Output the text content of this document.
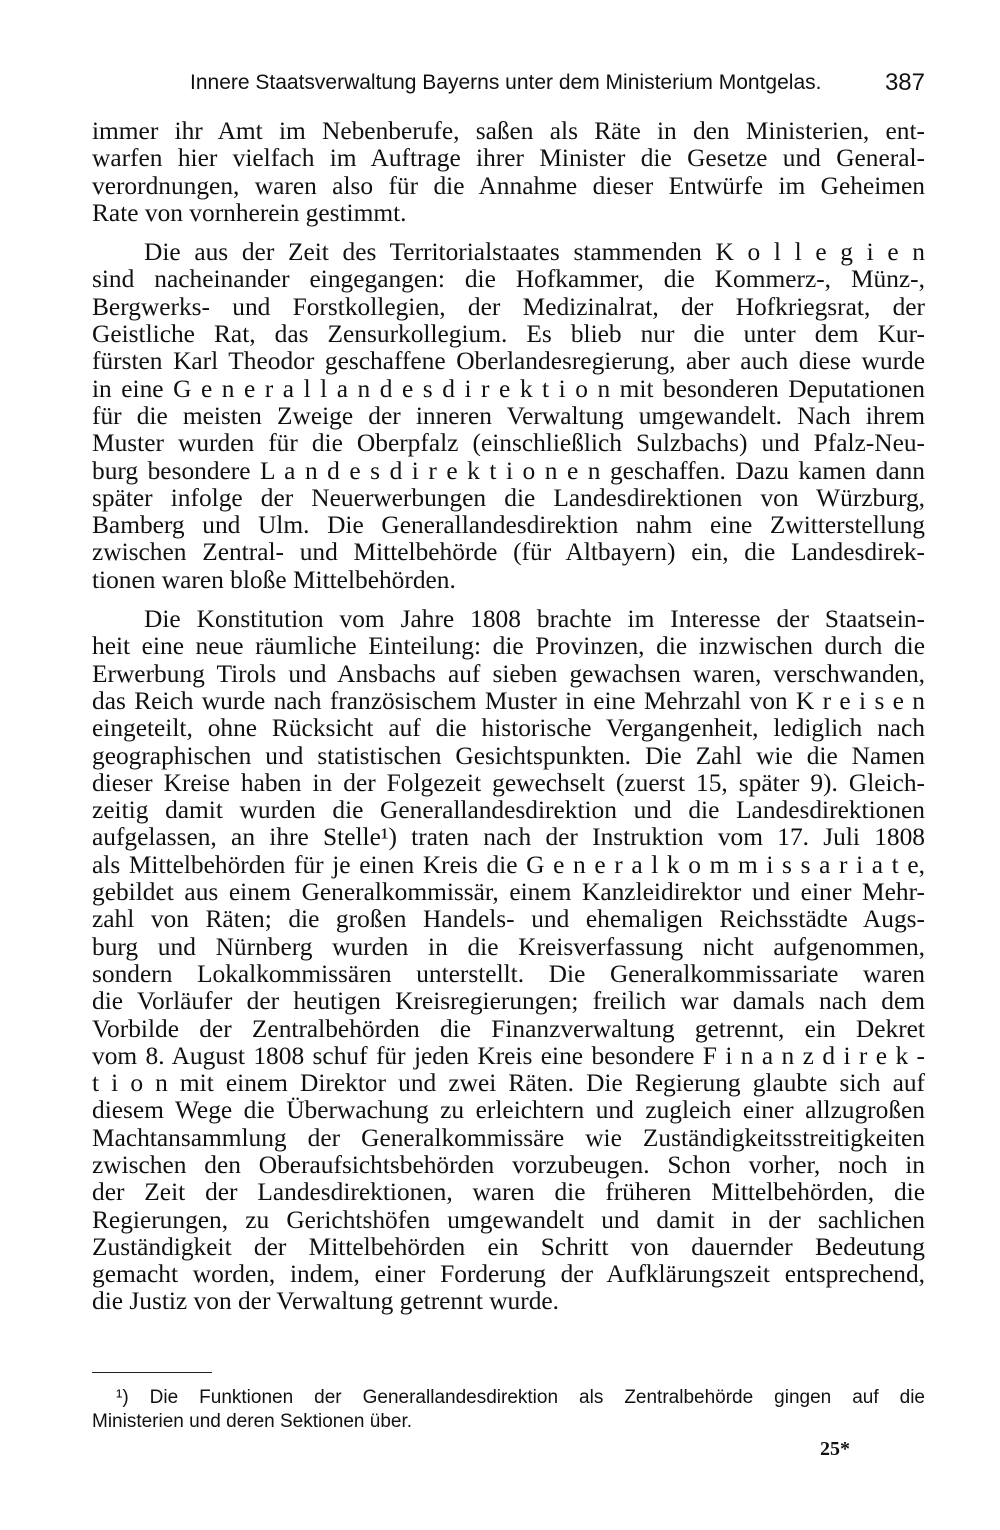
Innere Staatsverwaltung Bayerns unter dem Ministerium Montgelas.	387
immer ihr Amt im Nebenberufe, saßen als Räte in den Ministerien, ent-
warfen hier vielfach im Auftrage ihrer Minister die Gesetze und General-
verordnungen, waren also für die Annahme dieser Entwürfe im Geheimen
Rate von vornherein gestimmt.
Die aus der Zeit des Territorialstaates stammenden K o l l e g i e n
sind nacheinander eingegangen: die Hofkammer, die Kommerz-, Münz-,
Bergwerks- und Forstkollegien, der Medizinalrat, der Hofkriegsrat, der
Geistliche Rat, das Zensurkollegium. Es blieb nur die unter dem Kur-
fürsten Karl Theodor geschaffene Oberlandesregierung, aber auch diese wurde
in eine G e n e r a l l a n d e s d i r e k t i o n mit besonderen Deputationen
für die meisten Zweige der inneren Verwaltung umgewandelt. Nach ihrem
Muster wurden für die Oberpfalz (einschließlich Sulzbachs) und Pfalz-Neu-
burg besondere L a n d e s d i r e k t i o n e n geschaffen. Dazu kamen dann
später infolge der Neuerwerbungen die Landesdirektionen von Würzburg,
Bamberg und Ulm. Die Generallandesdirektion nahm eine Zwitterstellung
zwischen Zentral- und Mittelbehörde (für Altbayern) ein, die Landesdirek-
tionen waren bloße Mittelbehörden.
Die Konstitution vom Jahre 1808 brachte im Interesse der Staatsein-
heit eine neue räumliche Einteilung: die Provinzen, die inzwischen durch die
Erwerbung Tirols und Ansbachs auf sieben gewachsen waren, verschwanden,
das Reich wurde nach französischem Muster in eine Mehrzahl von K r e i s e n
eingeteilt, ohne Rücksicht auf die historische Vergangenheit, lediglich nach
geographischen und statistischen Gesichtspunkten. Die Zahl wie die Namen
dieser Kreise haben in der Folgezeit gewechselt (zuerst 15, später 9). Gleich-
zeitig damit wurden die Generallandesdirektion und die Landesdirektionen
aufgelassen, an ihre Stelle¹) traten nach der Instruktion vom 17. Juli 1808
als Mittelbehörden für je einen Kreis die G e n e r a l k o m m i s s a r i a t e,
gebildet aus einem Generalkommissär, einem Kanzleidirektor und einer Mehr-
zahl von Räten; die großen Handels- und ehemaligen Reichsstädte Augs-
burg und Nürnberg wurden in die Kreisverfassung nicht aufgenommen,
sondern Lokalkommissären unterstellt. Die Generalkommissariate waren
die Vorläufer der heutigen Kreisregierungen; freilich war damals nach dem
Vorbilde der Zentralbehörden die Finanzverwaltung getrennt, ein Dekret
vom 8. August 1808 schuf für jeden Kreis eine besondere F i n a n z d i r e k -
t i o n mit einem Direktor und zwei Räten. Die Regierung glaubte sich auf
diesem Wege die Überwachung zu erleichtern und zugleich einer allzugroßen
Machtansammlung der Generalkommissäre wie Zuständigkeitsstreitigkeiten
zwischen den Oberaufsichtsbehörden vorzubeugen. Schon vorher, noch in
der Zeit der Landesdirektionen, waren die früheren Mittelbehörden, die
Regierungen, zu Gerichtshöfen umgewandelt und damit in der sachlichen
Zuständigkeit der Mittelbehörden ein Schritt von dauernder Bedeutung
gemacht worden, indem, einer Forderung der Aufklärungszeit entsprechend,
die Justiz von der Verwaltung getrennt wurde.
¹) Die Funktionen der Generallandesdirektion als Zentralbehörde gingen auf die
Ministerien und deren Sektionen über.
25*
